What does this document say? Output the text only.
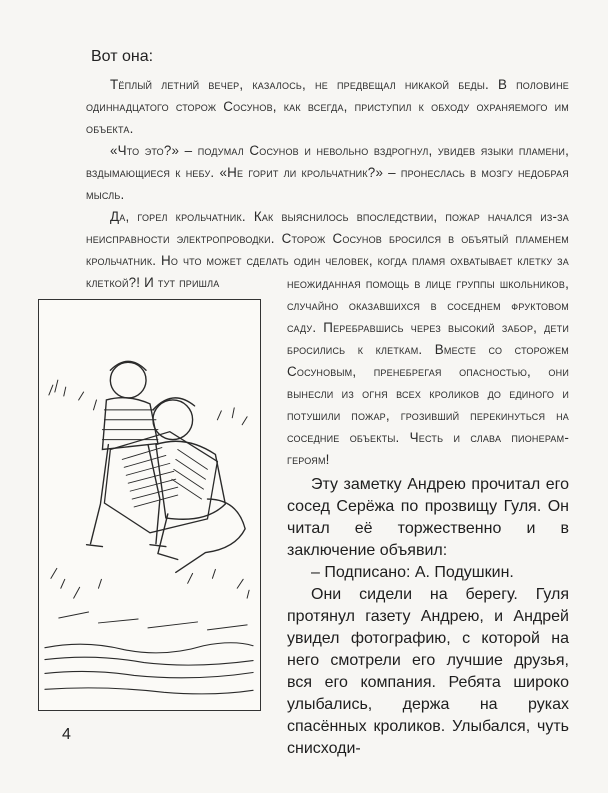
Вот она:

Тёплый летний вечер, казалось, не предвещал никакой беды. В половине одиннадцатого сторож Сосунов, как всегда, приступил к обходу охраняемого им объекта.

«Что это?» – подумал Сосунов и невольно вздрогнул, увидев языки пламени, вздымающиеся к небу. «Не горит ли крольчатник?» – пронеслась в мозгу недобрая мысль.

Да, горел крольчатник. Как выяснилось впоследствии, пожар начался из-за неисправности электропроводки. Сторож Сосунов бросился в объятый пламенем крольчатник. Но что может сделать один человек, когда пламя охватывает клетку за клеткой?! И тут пришла	неожиданная помощь в лице группы школьников, случайно оказавшихся в соседнем фруктовом саду. Перебравшись через высокий забор, дети бросились к клеткам. Вместе со сторожем Сосуновым, пренебрегая опасностью, они вынесли из огня всех кроликов до единого и потушили пожар, грозивший перекинуться на соседние объекты. Честь и слава пионерам-героям!

Эту заметку Андрею прочитал его сосед Серёжа по прозвищу Гуля. Он читал её торжественно и в заключение объявил:

– Подписано: А. Подушкин.

Они сидели на берегу. Гуля протянул газету Андрею, и Андрей увидел фотографию, с которой на него смотрели его лучшие друзья, вся его компания. Ребята широко улыбались, держа на руках спасённых кроликов. Улыбался, чуть снисходи-

4
